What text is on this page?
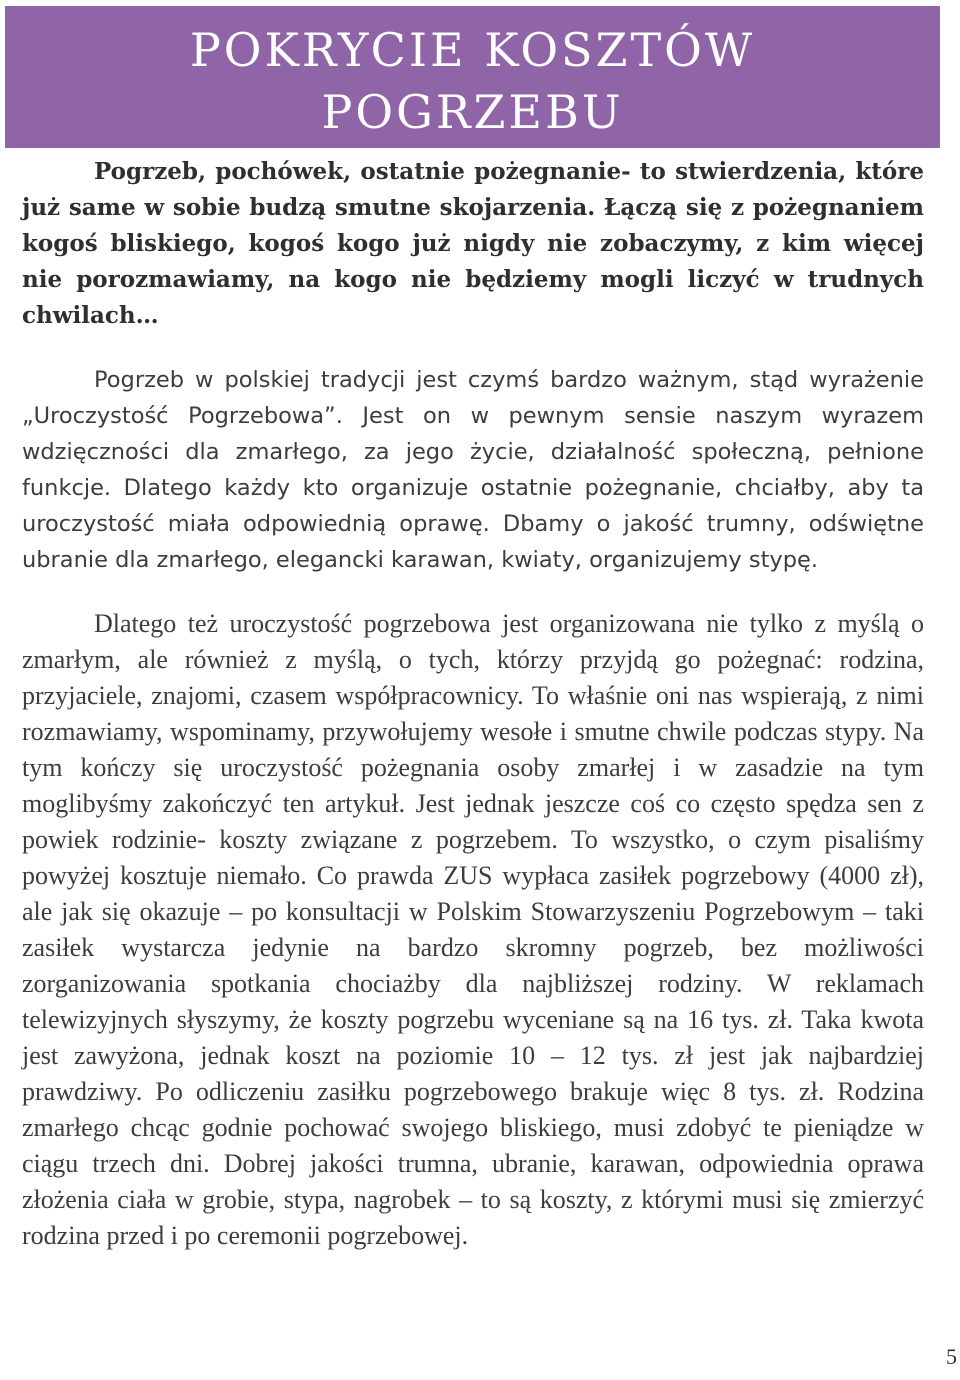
POKRYCIE KOSZTÓW
POGRZEBU

Pogrzeb, pochówek, ostatnie pożegnanie- to stwierdzenia, które już same w sobie budzą smutne skojarzenia. Łączą się z pożegnaniem kogoś bliskiego, kogoś kogo już nigdy nie zobaczymy, z kim więcej nie porozmawiamy, na kogo nie będziemy mogli liczyć w trudnych chwilach…

Pogrzeb w polskiej tradycji jest czymś bardzo ważnym, stąd wyrażenie „Uroczystość Pogrzebowa”. Jest on w pewnym sensie naszym wyrazem wdzięczności dla zmarłego, za jego życie, działalność społeczną, pełnione funkcje. Dlatego każdy kto organizuje ostatnie pożegnanie, chciałby, aby ta uroczystość miała odpowiednią oprawę. Dbamy o jakość trumny, odświętne ubranie dla zmarłego, elegancki karawan, kwiaty, organizujemy stypę.

Dlatego też uroczystość pogrzebowa jest organizowana nie tylko z myślą o zmarłym, ale również z myślą, o tych, którzy przyjdą go pożegnać: rodzina, przyjaciele, znajomi, czasem współpracownicy. To właśnie oni nas wspierają, z nimi rozmawiamy, wspominamy, przywołujemy wesołe i smutne chwile podczas stypy. Na tym kończy się uroczystość pożegnania osoby zmarłej i w zasadzie na tym moglibyśmy zakończyć ten artykuł. Jest jednak jeszcze coś co często spędza sen z powiek rodzinie- koszty związane z pogrzebem. To wszystko, o czym pisaliśmy powyżej kosztuje niemało. Co prawda ZUS wypłaca zasiłek pogrzebowy (4000 zł), ale jak się okazuje – po konsultacji w Polskim Stowarzyszeniu Pogrzebowym – taki zasiłek wystarcza jedynie na bardzo skromny pogrzeb, bez możliwości zorganizowania spotkania chociażby dla najbliższej rodziny. W reklamach telewizyjnych słyszymy, że koszty pogrzebu wyceniane są na 16 tys. zł. Taka kwota jest zawyżona, jednak koszt na poziomie 10 – 12 tys. zł jest jak najbardziej prawdziwy. Po odliczeniu zasiłku pogrzebowego brakuje więc 8 tys. zł. Rodzina zmarłego chcąc godnie pochować swojego bliskiego, musi zdobyć te pieniądze w ciągu trzech dni. Dobrej jakości trumna, ubranie, karawan, odpowiednia oprawa złożenia ciała w grobie, stypa, nagrobek – to są koszty, z którymi musi się zmierzyć rodzina przed i po ceremonii pogrzebowej.

5
